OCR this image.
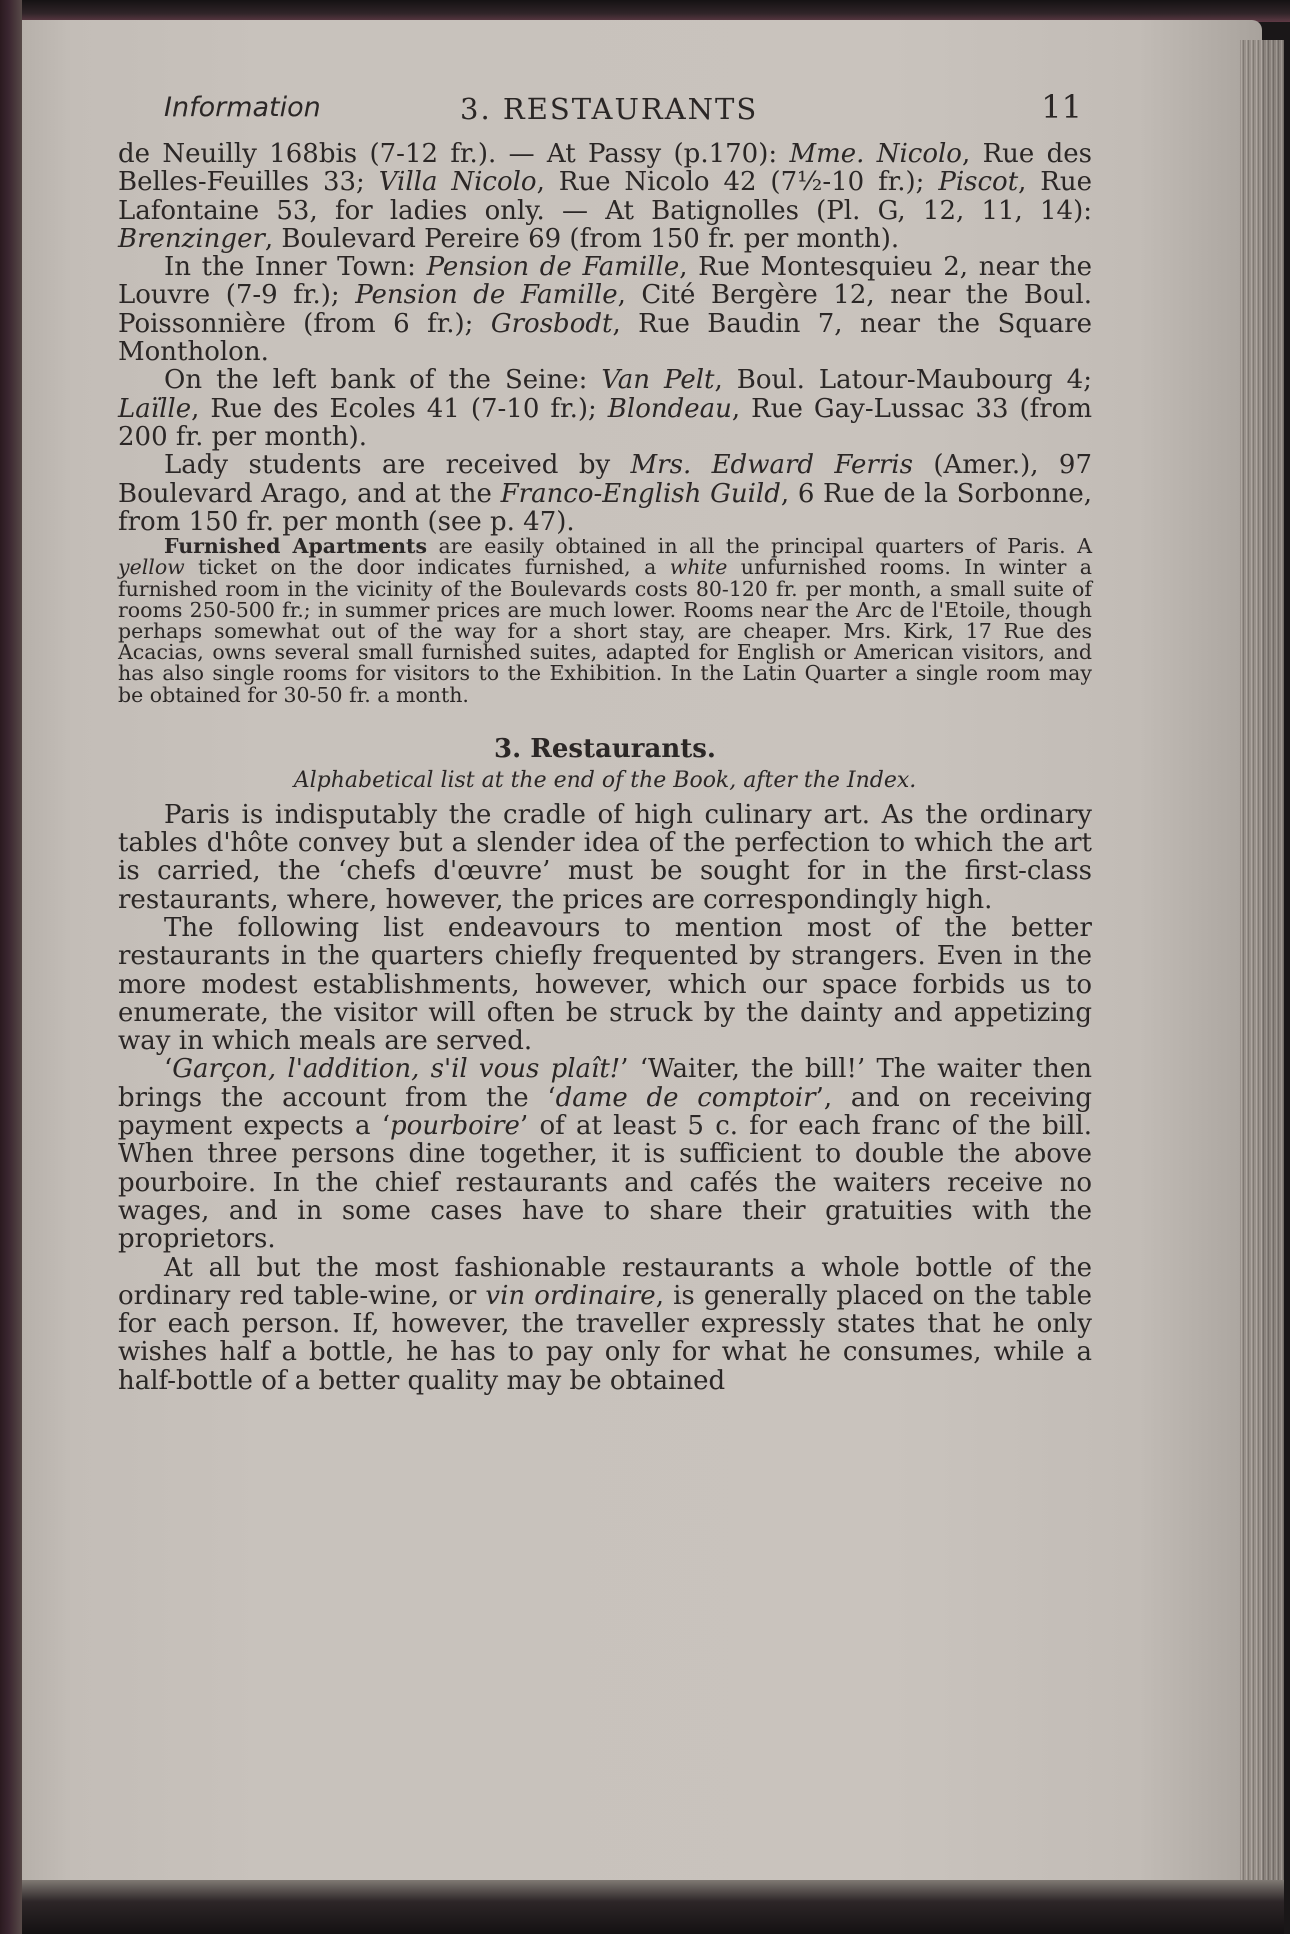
Information	3. RESTAURANTS	11

de Neuilly 168bis (7-12 fr.). — At Passy (p.170): Mme. Nicolo, Rue des Belles-Feuilles 33; Villa Nicolo, Rue Nicolo 42 (7½-10 fr.); Piscot, Rue Lafontaine 53, for ladies only. — At Batignolles (Pl. G, 12, 11, 14): Brenzinger, Boulevard Pereire 69 (from 150 fr. per month).

In the Inner Town: Pension de Famille, Rue Montesquieu 2, near the Louvre (7-9 fr.); Pension de Famille, Cité Bergère 12, near the Boul. Poissonnière (from 6 fr.); Grosbodt, Rue Baudin 7, near the Square Montholon.

On the left bank of the Seine: Van Pelt, Boul. Latour-Maubourg 4; Laïlle, Rue des Ecoles 41 (7-10 fr.); Blondeau, Rue Gay-Lussac 33 (from 200 fr. per month).

Lady students are received by Mrs. Edward Ferris (Amer.), 97 Boulevard Arago, and at the Franco-English Guild, 6 Rue de la Sorbonne, from 150 fr. per month (see p. 47).

Furnished Apartments are easily obtained in all the principal quarters of Paris. A yellow ticket on the door indicates furnished, a white unfurnished rooms. In winter a furnished room in the vicinity of the Boulevards costs 80-120 fr. per month, a small suite of rooms 250-500 fr.; in summer prices are much lower. Rooms near the Arc de l'Etoile, though perhaps somewhat out of the way for a short stay, are cheaper. Mrs. Kirk, 17 Rue des Acacias, owns several small furnished suites, adapted for English or American visitors, and has also single rooms for visitors to the Exhibition. In the Latin Quarter a single room may be obtained for 30-50 fr. a month.

3. Restaurants.
Alphabetical list at the end of the Book, after the Index.

Paris is indisputably the cradle of high culinary art. As the ordinary tables d'hôte convey but a slender idea of the perfection to which the art is carried, the ‘chefs d'œuvre’ must be sought for in the first-class restaurants, where, however, the prices are correspondingly high.

The following list endeavours to mention most of the better restaurants in the quarters chiefly frequented by strangers. Even in the more modest establishments, however, which our space forbids us to enumerate, the visitor will often be struck by the dainty and appetizing way in which meals are served.

‘Garçon, l'addition, s'il vous plaît!’ ‘Waiter, the bill!’ The waiter then brings the account from the ‘dame de comptoir’, and on receiving payment expects a ‘pourboire’ of at least 5 c. for each franc of the bill. When three persons dine together, it is sufficient to double the above pourboire. In the chief restaurants and cafés the waiters receive no wages, and in some cases have to share their gratuities with the proprietors.

At all but the most fashionable restaurants a whole bottle of the ordinary red table-wine, or vin ordinaire, is generally placed on the table for each person. If, however, the traveller expressly states that he only wishes half a bottle, he has to pay only for what he consumes, while a half-bottle of a better quality may be obtained
